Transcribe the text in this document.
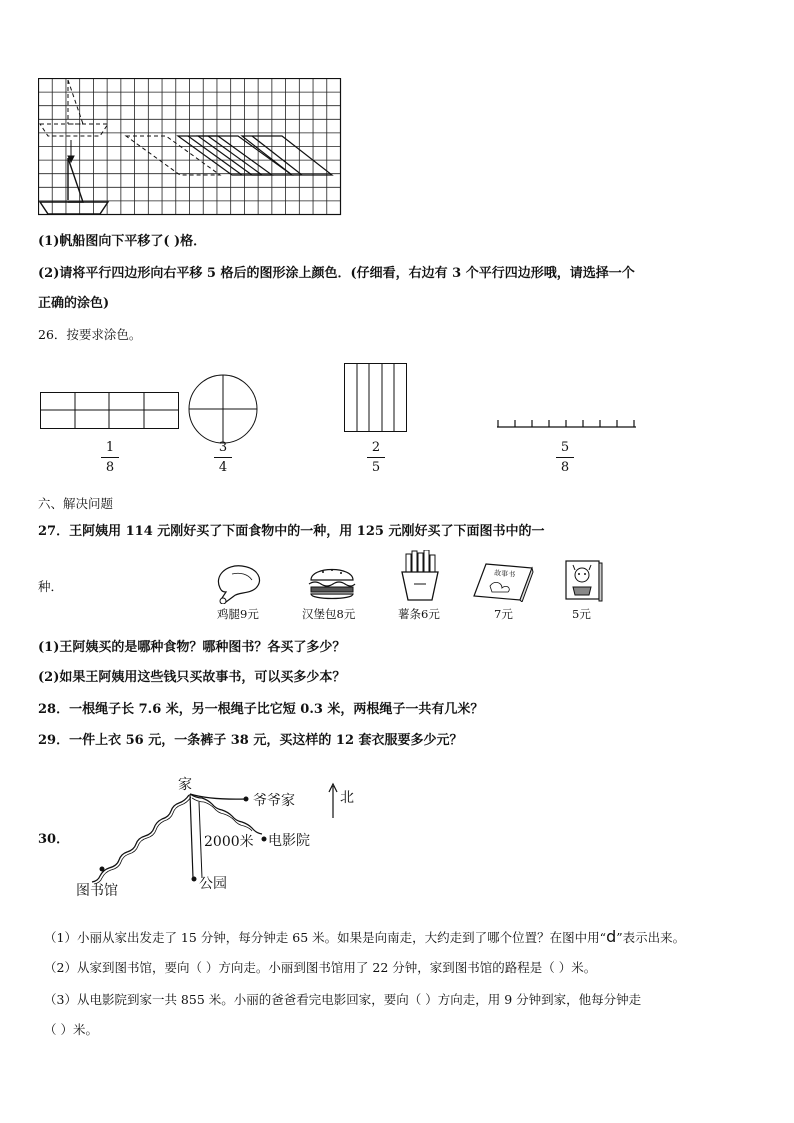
(1)帆船图向下平移了( )格．
(2)请将平行四边形向右平移 5 格后的图形涂上颜色．(仔细看，右边有 3 个平行四边形哦，请选择一个
正确的涂色)
26．按要求涂色。
1
8
3
4
2
5
5
8
六、解决问题
27．王阿姨用 114 元刚好买了下面食物中的一种，用 125 元刚好买了下面图书中的一
种．
鸡腿9元	汉堡包8元	薯条6元
故事书
7元	5元
(1)王阿姨买的是哪种食物？哪种图书？各买了多少？
(2)如果王阿姨用这些钱只买故事书，可以买多少本？
28．一根绳子长 7.6 米，另一根绳子比它短 0.3 米，两根绳子一共有几米？
29．一件上衣 56 元，一条裤子 38 元，买这样的 12 套衣服要多少元？
30．
家
爷爷家	北
2000米 电影院
公园
图书馆
（1）小丽从家出发走了 15 分钟，每分钟走 65 米。如果是向南走，大约走到了哪个位置？在图中用“d”表示出来。
（2）从家到图书馆，要向（ ）方向走。小丽到图书馆用了 22 分钟，家到图书馆的路程是（ ）米。
（3）从电影院到家一共 855 米。小丽的爸爸看完电影回家，要向（ ）方向走，用 9 分钟到家，他每分钟走
（ ）米。
